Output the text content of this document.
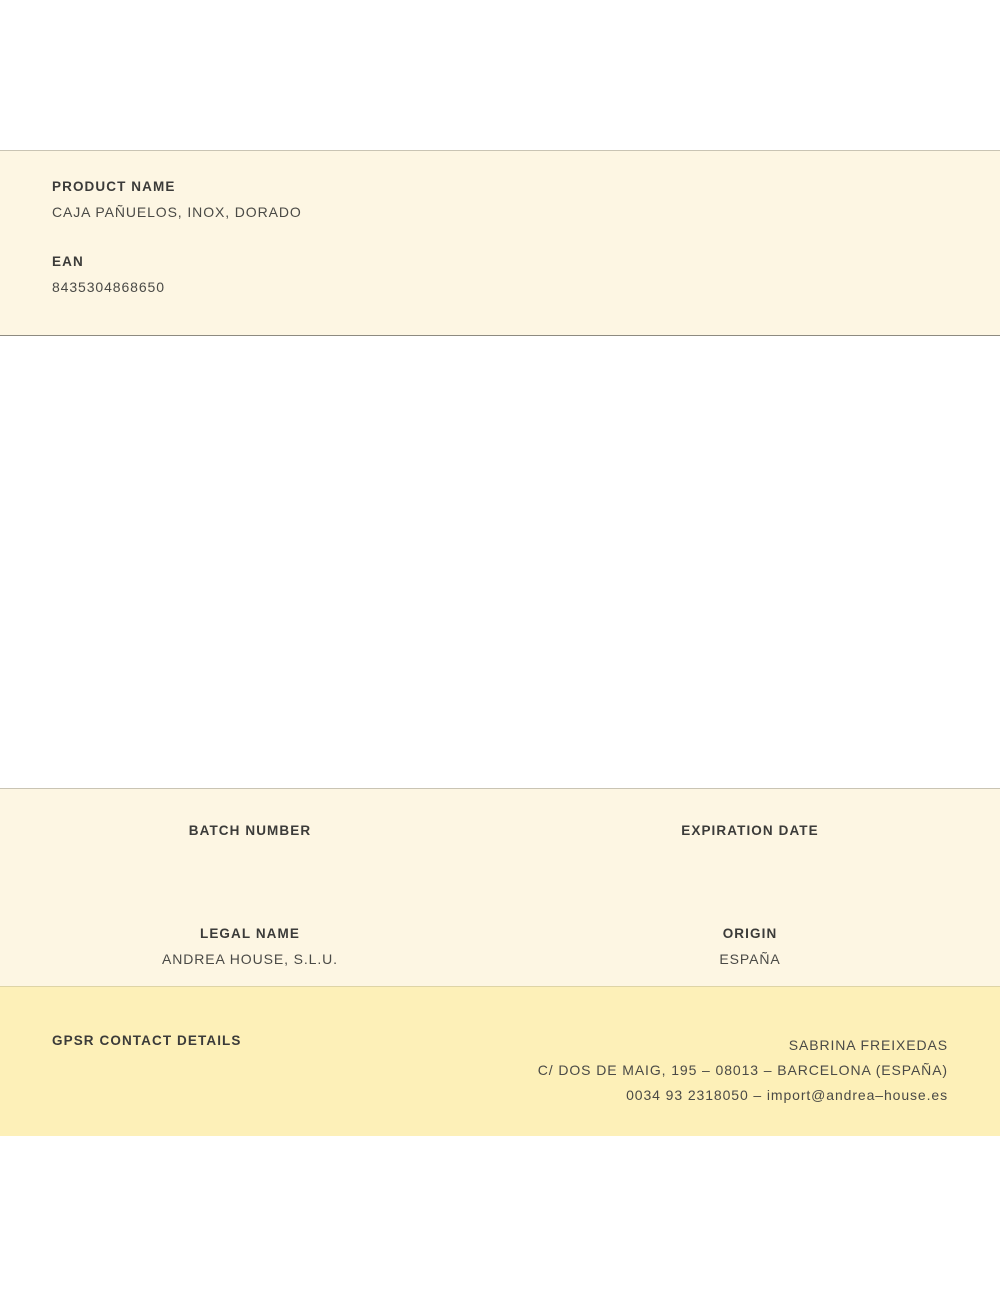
PRODUCT NAME
CAJA PAÑUELOS, INOX, DORADO
EAN
8435304868650
BATCH NUMBER	EXPIRATION DATE
LEGAL NAME	ORIGIN
ANDREA HOUSE, S.L.U.	ESPAÑA
GPSR CONTACT DETAILS	SABRINA FREIXEDAS
C/ DOS DE MAIG, 195 – 08013 – BARCELONA (ESPAÑA)
0034 93 2318050 – import@andrea–house.es
